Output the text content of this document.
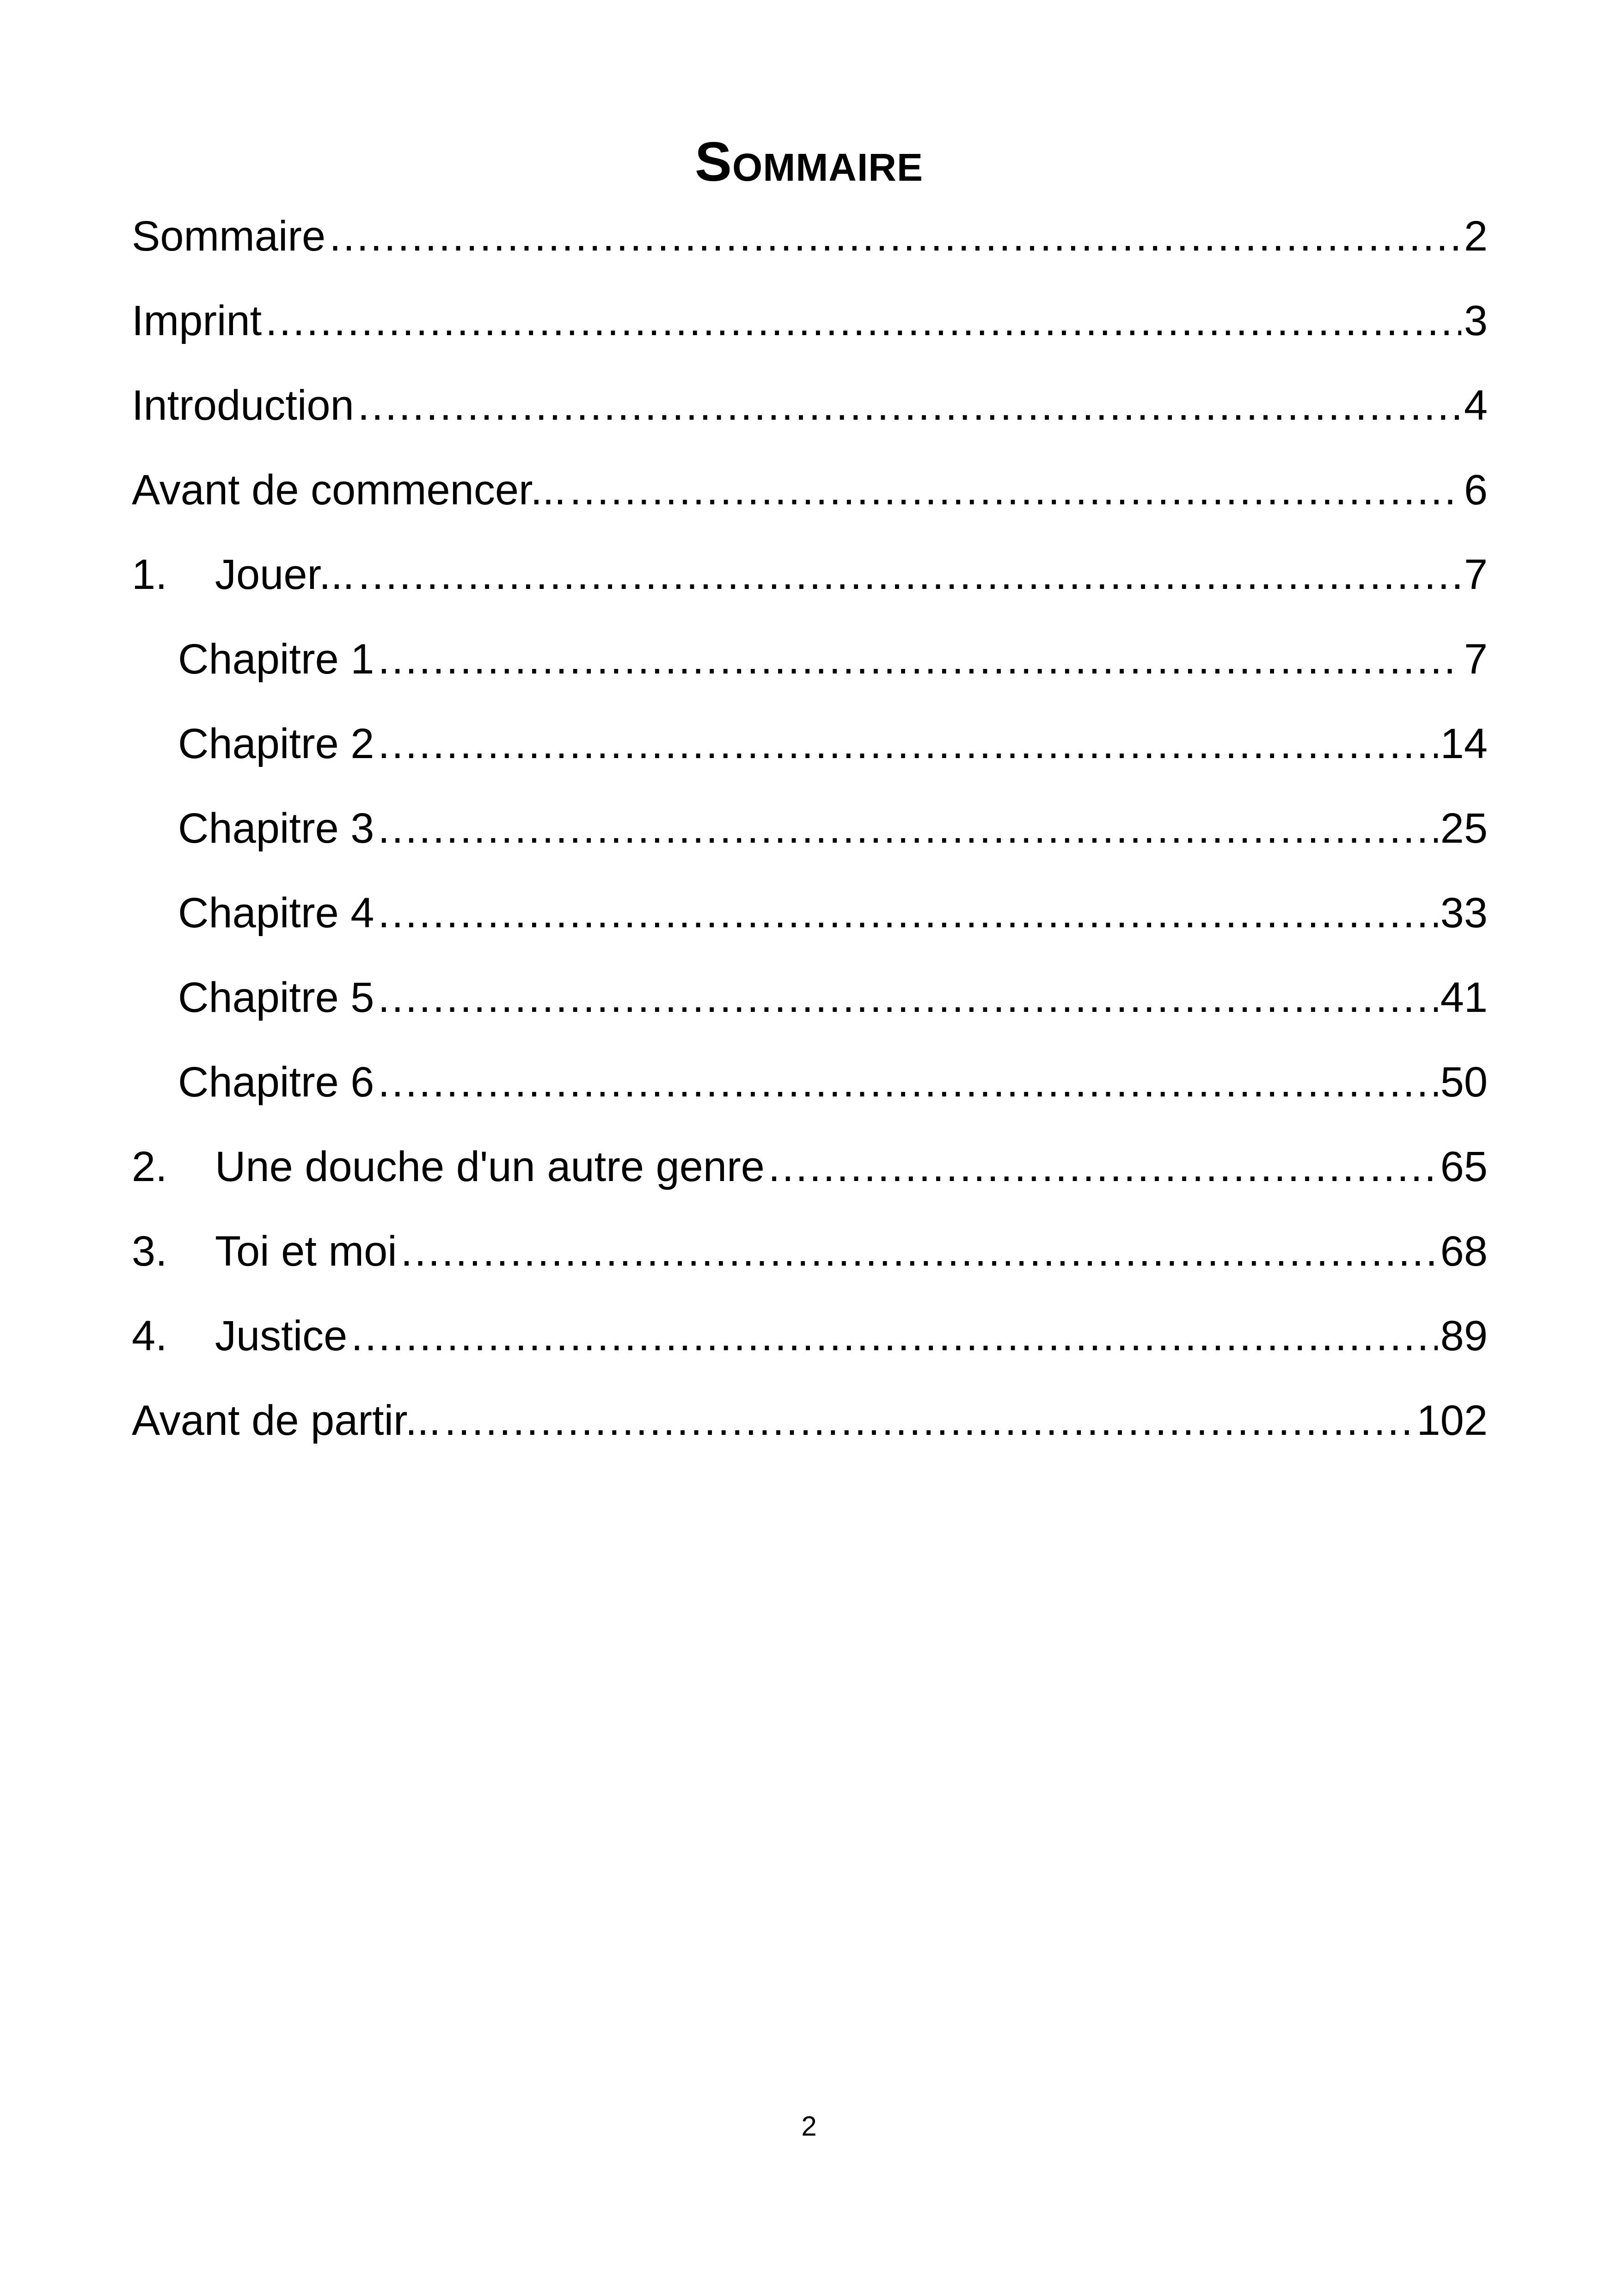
Sommaire
Sommaire .....	2
Imprint .....	3
Introduction .....	4
Avant de commencer... .....	6
1.	Jouer... .....	7
Chapitre 1 .....	7
Chapitre 2 .....	14
Chapitre 3 .....	25
Chapitre 4 .....	33
Chapitre 5 .....	41
Chapitre 6 .....	50
2.	Une douche d'un autre genre .....	65
3.	Toi et moi .....	68
4.	Justice .....	89
Avant de partir... .....	102
2
